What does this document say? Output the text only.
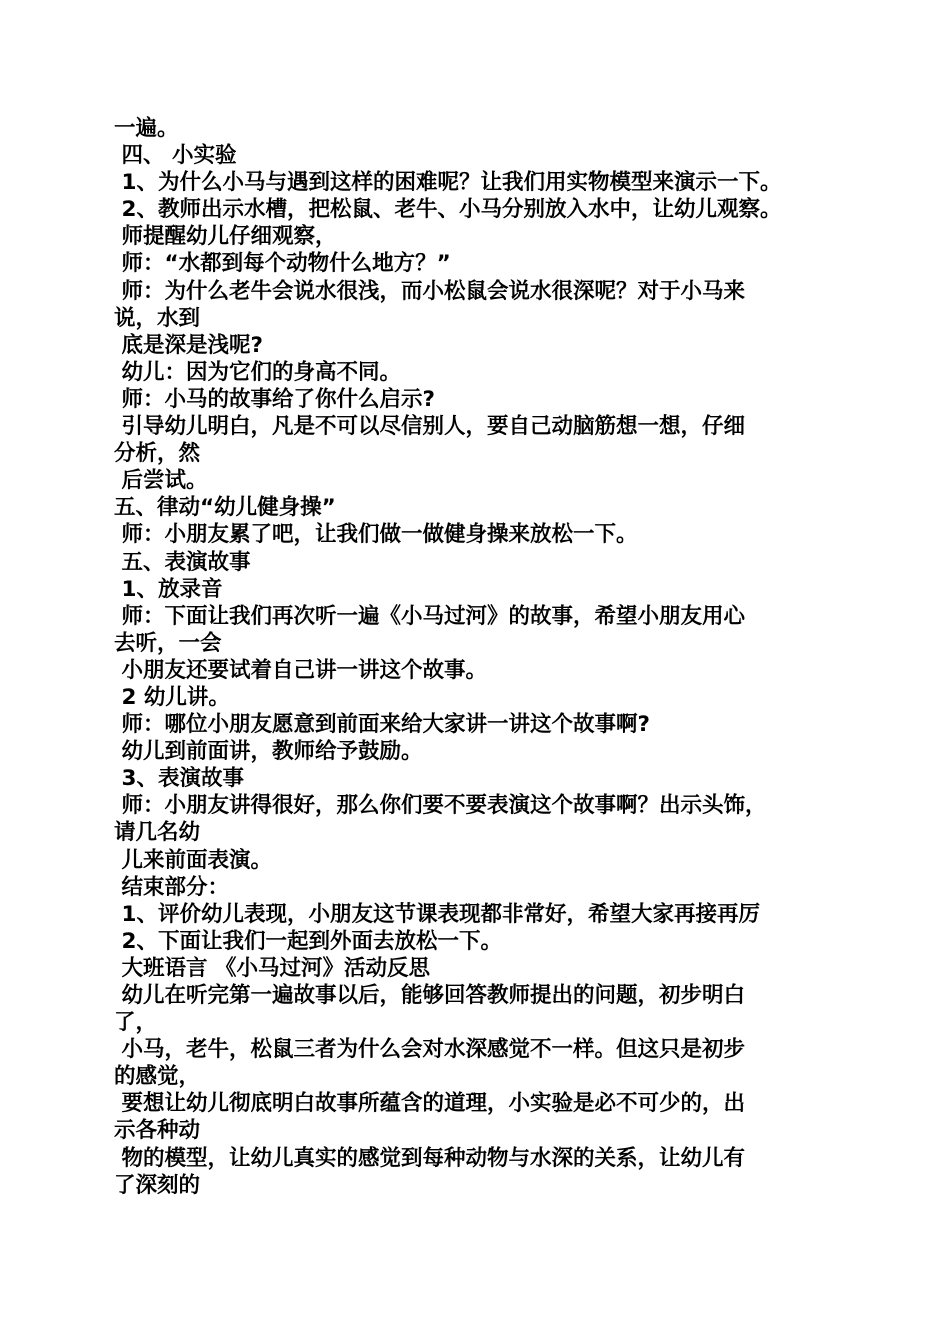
一遍。
四、 小实验
1、为什么小马与遇到这样的困难呢？让我们用实物模型来演示一下。
2、教师出示水槽，把松鼠、老牛、小马分别放入水中，让幼儿观察。
师提醒幼儿仔细观察，
师：“水都到每个动物什么地方？”
师：为什么老牛会说水很浅，而小松鼠会说水很深呢？对于小马来
说，水到
底是深是浅呢?
幼儿：因为它们的身高不同。
师：小马的故事给了你什么启示?
引导幼儿明白，凡是不可以尽信别人，要自己动脑筋想一想，仔细
分析，然
后尝试。
五、律动“幼儿健身操”
师：小朋友累了吧，让我们做一做健身操来放松一下。
五、表演故事
1、放录音
师：下面让我们再次听一遍《小马过河》的故事，希望小朋友用心
去听，一会
小朋友还要试着自己讲一讲这个故事。
2 幼儿讲。
师：哪位小朋友愿意到前面来给大家讲一讲这个故事啊?
幼儿到前面讲，教师给予鼓励。
3、表演故事
师：小朋友讲得很好，那么你们要不要表演这个故事啊？出示头饰，
请几名幼
儿来前面表演。
结束部分：
1、评价幼儿表现，小朋友这节课表现都非常好，希望大家再接再厉
2、下面让我们一起到外面去放松一下。
大班语言 《小马过河》活动反思
幼儿在听完第一遍故事以后，能够回答教师提出的问题，初步明白
了，
小马，老牛，松鼠三者为什么会对水深感觉不一样。但这只是初步
的感觉，
要想让幼儿彻底明白故事所蕴含的道理，小实验是必不可少的，出
示各种动
物的模型，让幼儿真实的感觉到每种动物与水深的关系，让幼儿有
了深刻的
